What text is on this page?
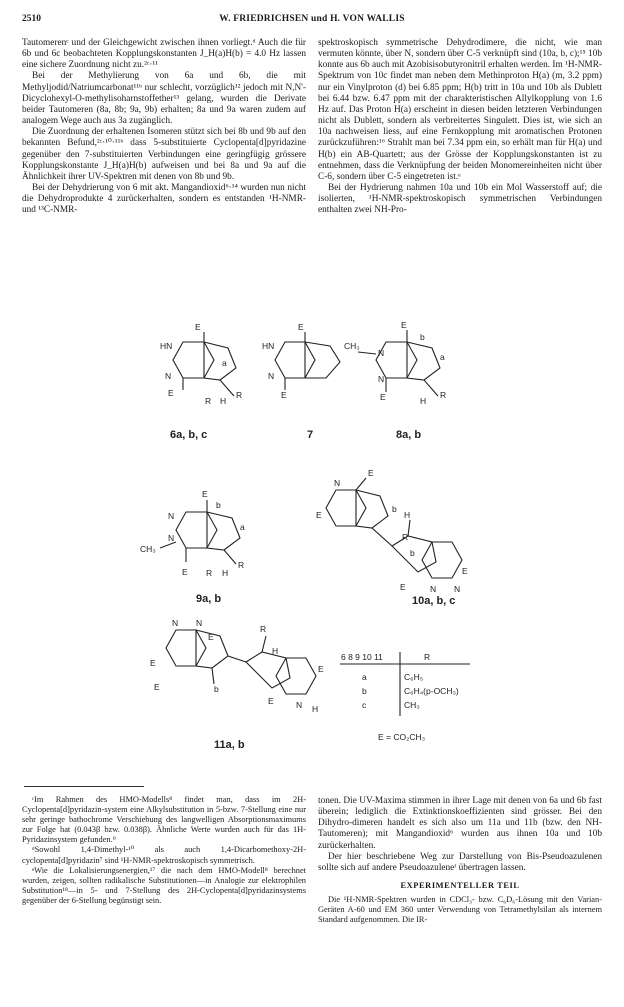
2510	W. FRIEDRICHSEN und H. VON WALLIS

Tautomerenᶜ und der Gleichgewicht zwischen ihnen vorliegt.ᵈ Auch die für 6b und 6c beobachteten Kopplungskonstanten J_H(a)H(b) = 4.0 Hz lassen eine sichere Zuordnung nicht zu.²ᶜ·¹¹

Bei der Methylierung von 6a und 6b, die mit Methyljodid/Natriumcarbonat¹¹ᵇ nur schlecht, vorzüglich¹² jedoch mit N,N'-Dicyclohexyl-O-methylisoharnstoffether¹³ gelang, wurden die Derivate beider Tautomeren (8a, 8b; 9a, 9b) erhalten; 8a und 9a waren zudem auf analogem Wege auch aus 3a zugänglich.

Die Zuordnung der erhaltenen Isomeren stützt sich bei 8b und 9b auf den bekannten Befund,²ᶜ·¹⁰·¹¹ᵇ dass 5-substituierte Cyclopenta[d]pyridazine gegenüber den 7-substituierten Verbindungen eine geringfügig grössere Kopplungskonstante J_H(a)H(b) aufweisen und bei 8a und 9a auf die Ähnlichkeit ihrer UV-Spektren mit denen von 8b und 9b.

Bei der Dehydrierung von 6 mit akt. Mangandioxid⁶·¹⁴ wurden nun nicht die Dehydroprodukte 4 zurückerhalten, sondern es entstanden ¹H-NMR- und ¹³C-NMR-

spektroskopisch symmetrische Dehydrodimere, die nicht, wie man vermuten könnte, über N, sondern über C-5 verknüpft sind (10a, b, c);¹⁵ 10b konnte aus 6b auch mit Azobisisobutyronitril erhalten werden. Im ¹H-NMR-Spektrum von 10c findet man neben dem Methinproton H(a) (m, 3.2 ppm) nur ein Vinylproton (d) bei 6.85 ppm; H(b) tritt in 10a und 10b als Dublett bei 6.44 bzw. 6.47 ppm mit der charakteristischen Allylkopplung von 1.6 Hz auf. Das Proton H(a) erscheint in diesen beiden letzteren Verbindungen nicht als Dublett, sondern als verbreitertes Singulett. Dies ist, wie sich an 10a nachweisen liess, auf eine Fernkopplung mit aromatischen Protonen zurückzuführen:¹⁶ Strahlt man bei 7.34 ppm ein, so erhält man für H(a) und H(b) ein AB-Quartett; aus der Grösse der Kopplungskonstanten ist zu entnehmen, dass die Verknüpfung der beiden Monomereinheiten nicht über C-6, sondern über C-5 eingetreten ist.ᵉ

Bei der Hydrierung nahmen 10a und 10b ein Mol Wasserstoff auf; die isolierten, ¹H-NMR-spektroskopisch symmetrischen Verbindungen enthalten zwei NH-Pro-

E
HN
N
E
a
R
H
R
E
HN
N
E
E
CH₃
N
N
E
a
b
R
H
E
N
N
CH₃
E
b
a
R
H
R
N
E
E
b
R
H
b
E
N N
E
N N
E
E
E	b
R
H
E
E	N H
9a, b
6a, b, c	7	8a, b
10a, b, c
11a, b
6 8 9 10 11	R
a	C₆H₅
b	C₆H₄(p-OCH₃)
c	CH₃
E = CO₂CH₃

ᶜIm Rahmen des HMO-Modells⁸ findet man, dass im 2H-Cyclopenta[d]pyridazin-system eine Alkylsubstitution in 5-bzw. 7-Stellung eine nur sehr geringe bathochrome Verschiebung des langwelligen Absorptionsmaximums zur Folge hat (0.043β bzw. 0.038β). Ähnliche Werte wurden auch für das 1H-Pyridazinsystem gefunden.⁹

ᵈSowohl 1,4-Dimethyl-¹⁰ als auch 1,4-Dicarbomethoxy-2H-cyclopenta[d]pyridazin⁷ sind ¹H-NMR-spektroskopisch symmetrisch.

ᵉWie die Lokalisierungsenergien,¹⁷ die nach dem HMO-Modell⁸ berechnet wurden, zeigen, sollten radikalische Substitutionen—in Analogie zur elektrophilen Substitution¹⁸—in 5- und 7-Stellung des 2H-Cyclopenta[d]pyridazinsystems gegenüber der 6-Stellung begünstigt sein.

tonen. Die UV-Maxima stimmen in ihrer Lage mit denen von 6a und 6b fast überein; lediglich die Extinktionskoeffizienten sind grösser. Bei den Dihydro-dimeren handelt es sich also um 11a und 11b (bzw. den NH-Tautomeren); mit Mangandioxid⁶ wurden aus ihnen 10a und 10b zurückerhalten.

Der hier beschriebene Weg zur Darstellung von Bis-Pseudoazulenen sollte sich auf andere Pseudoazuleneᶠ übertragen lassen.

EXPERIMENTELLER TEIL

Die ¹H-NMR-Spektren wurden in CDCl₃- bzw. C₆D₆-Lösung mit den Varian-Geräten A-60 und EM 360 unter Verwendung von Tetramethylsilan als internem Standard aufgenommen. Die IR-
